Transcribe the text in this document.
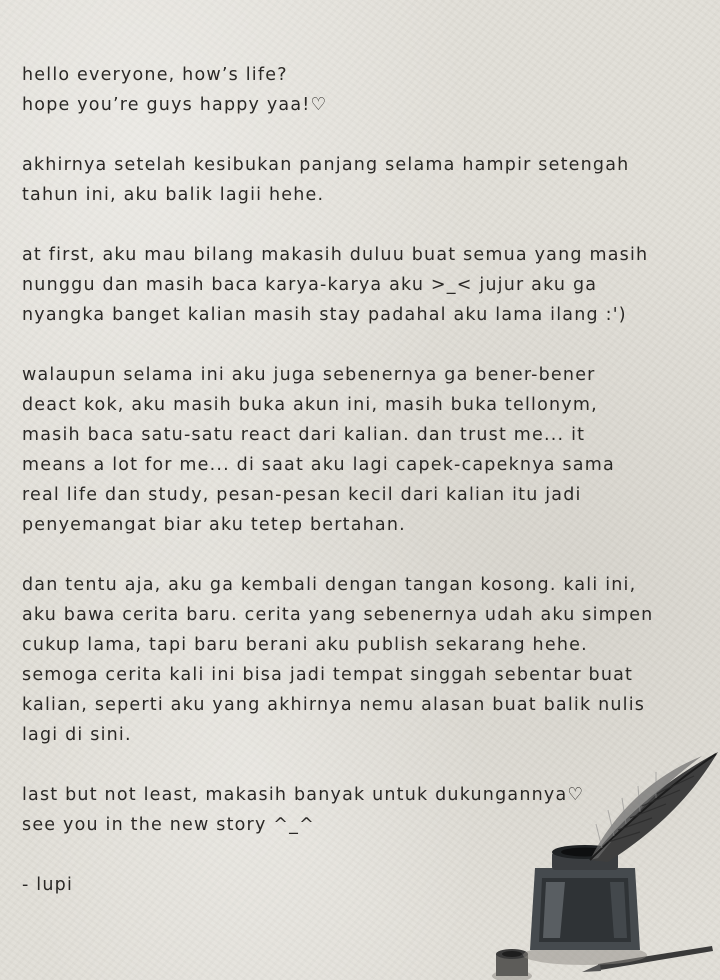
hello everyone, how’s life?
hope you’re guys happy yaa!♡
akhirnya setelah kesibukan panjang selama hampir setengah
tahun ini, aku balik lagii hehe.
at first, aku mau bilang makasih duluu buat semua yang masih
nunggu dan masih baca karya-karya aku >_< jujur aku ga
nyangka banget kalian masih stay padahal aku lama ilang :')
walaupun selama ini aku juga sebenernya ga bener-bener
deact kok, aku masih buka akun ini, masih buka tellonym,
masih baca satu-satu react dari kalian. dan trust me... it
means a lot for me... di saat aku lagi capek-capeknya sama
real life dan study, pesan-pesan kecil dari kalian itu jadi
penyemangat biar aku tetep bertahan.
dan tentu aja, aku ga kembali dengan tangan kosong. kali ini,
aku bawa cerita baru. cerita yang sebenernya udah aku simpen
cukup lama, tapi baru berani aku publish sekarang hehe.
semoga cerita kali ini bisa jadi tempat singgah sebentar buat
kalian, seperti aku yang akhirnya nemu alasan buat balik nulis
lagi di sini.
last but not least, makasih banyak untuk dukungannya♡
see you in the new story ^_^
- lupi
